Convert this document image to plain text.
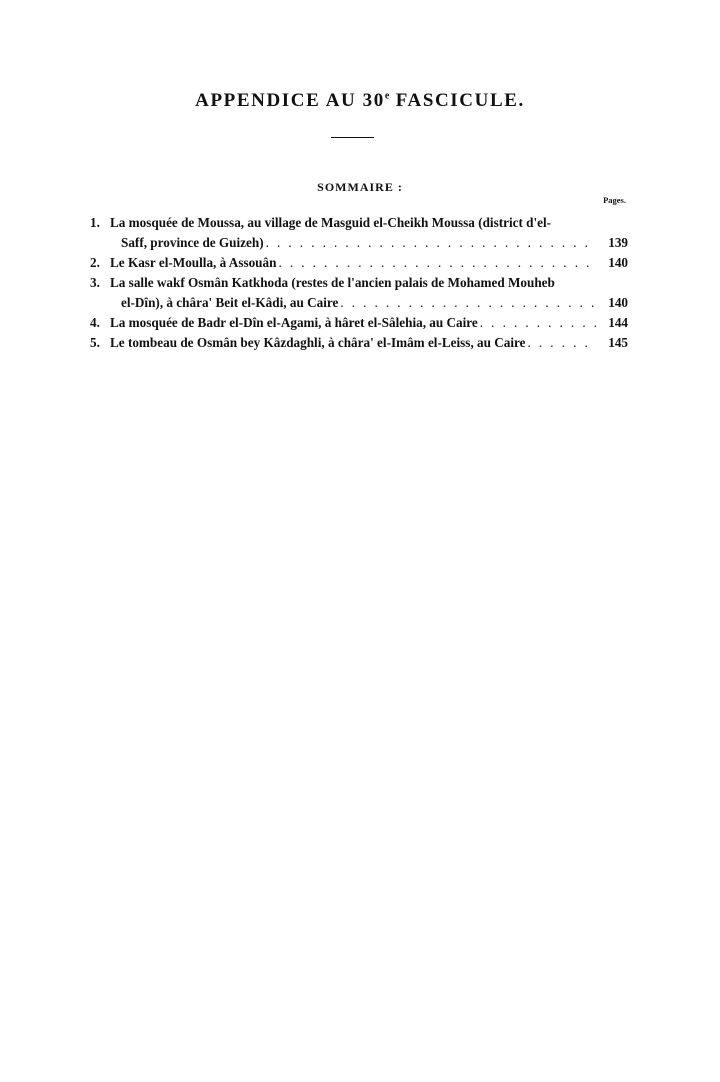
APPENDICE AU 30e FASCICULE.
SOMMAIRE :
Pages.
1. La mosquée de Moussa, au village de Masguid el-Cheikh Moussa (district d'el-
Saff, province de Guizeh) . . .	139
2. Le Kasr el-Moulla, à Assouân . . .	140
3. La salle wakf Osmân Katkhoda (restes de l'ancien palais de Mohamed Mouheb
el-Dîn), à châra' Beit el-Kâdi, au Caire . . .	140
4. La mosquée de Badr el-Dîn el-Agami, à hâret el-Sâlehia, au Caire . . .	144
5. Le tombeau de Osmân bey Kâzdaghli, à châra' el-Imâm el-Leiss, au Caire . . .	145
